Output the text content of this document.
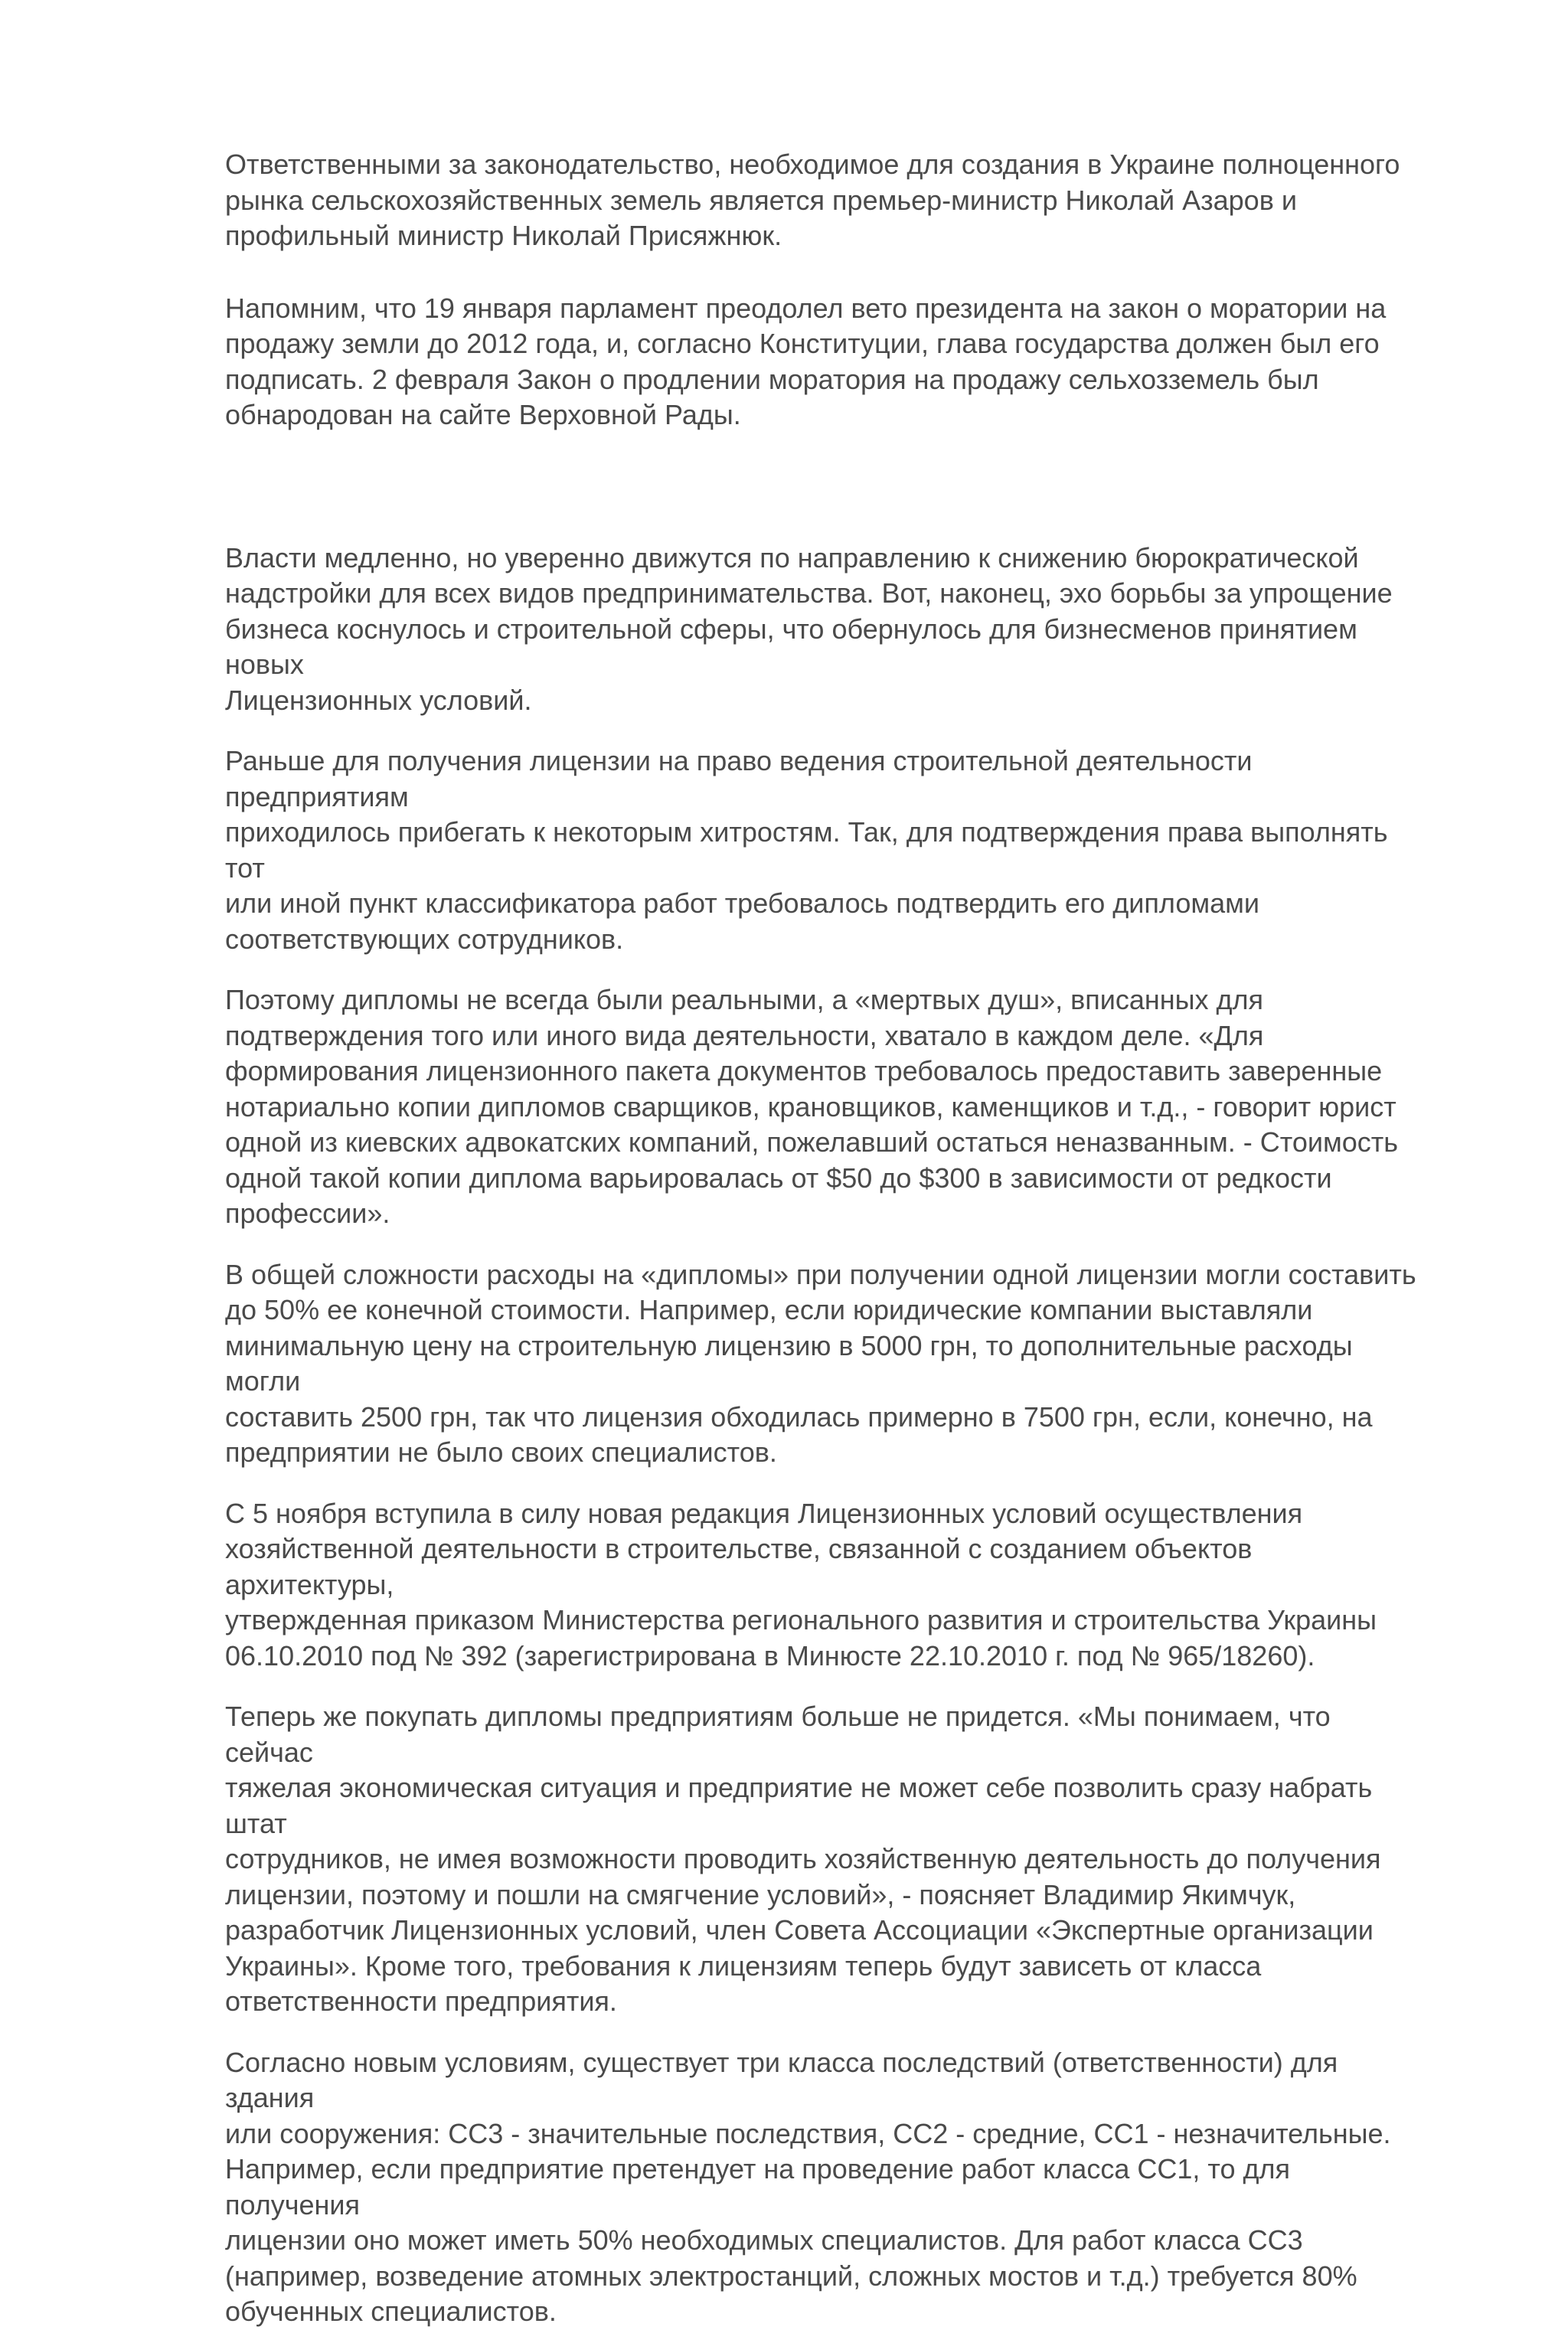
Ответственными за законодательство, необходимое для создания в Украине полноценного
рынка сельскохозяйственных земель является премьер-министр Николай Азаров и
профильный министр Николай Присяжнюк.

Напомним, что 19 января парламент преодолел вето президента на закон о моратории на
продажу земли до 2012 года, и, согласно Конституции, глава государства должен был его
подписать. 2 февраля Закон о продлении моратория на продажу сельхозземель был
обнародован на сайте Верховной Рады.

Власти медленно, но уверенно движутся по направлению к снижению бюрократической
надстройки для всех видов предпринимательства. Вот, наконец, эхо борьбы за упрощение
бизнеса коснулось и строительной сферы, что обернулось для бизнесменов принятием новых
Лицензионных условий.

Раньше для получения лицензии на право ведения строительной деятельности предприятиям
приходилось прибегать к некоторым хитростям. Так, для подтверждения права выполнять тот
или иной пункт классификатора работ требовалось подтвердить его дипломами
соответствующих сотрудников.

Поэтому дипломы не всегда были реальными, а «мертвых душ», вписанных для
подтверждения того или иного вида деятельности, хватало в каждом деле. «Для
формирования лицензионного пакета документов требовалось предоставить заверенные
нотариально копии дипломов сварщиков, крановщиков, каменщиков и т.д., - говорит юрист
одной из киевских адвокатских компаний, пожелавший остаться неназванным. - Стоимость
одной такой копии диплома варьировалась от $50 до $300 в зависимости от редкости
профессии».

В общей сложности расходы на «дипломы» при получении одной лицензии могли составить
до 50% ее конечной стоимости. Например, если юридические компании выставляли
минимальную цену на строительную лицензию в 5000 грн, то дополнительные расходы могли
составить 2500 грн, так что лицензия обходилась примерно в 7500 грн, если, конечно, на
предприятии не было своих специалистов.

С 5 ноября вступила в силу новая редакция Лицензионных условий осуществления
хозяйственной деятельности в строительстве, связанной с созданием объектов архитектуры,
утвержденная приказом Министерства регионального развития и строительства Украины
06.10.2010 под № 392 (зарегистрирована в Минюсте 22.10.2010 г. под № 965/18260).

Теперь же покупать дипломы предприятиям больше не придется. «Мы понимаем, что сейчас
тяжелая экономическая ситуация и предприятие не может себе позволить сразу набрать штат
сотрудников, не имея возможности проводить хозяйственную деятельность до получения
лицензии, поэтому и пошли на смягчение условий», - поясняет Владимир Якимчук,
разработчик Лицензионных условий, член Совета Ассоциации «Экспертные организации
Украины». Кроме того, требования к лицензиям теперь будут зависеть от класса
ответственности предприятия.

Согласно новым условиям, существует три класса последствий (ответственности) для здания
или сооружения: СС3 - значительные последствия, СС2 - средние, СС1 - незначительные.
Например, если предприятие претендует на проведение работ класса СС1, то для получения
лицензии оно может иметь 50% необходимых специалистов. Для работ класса СС3
(например, возведение атомных электростанций, сложных мостов и т.д.) требуется 80%
обученных специалистов.
